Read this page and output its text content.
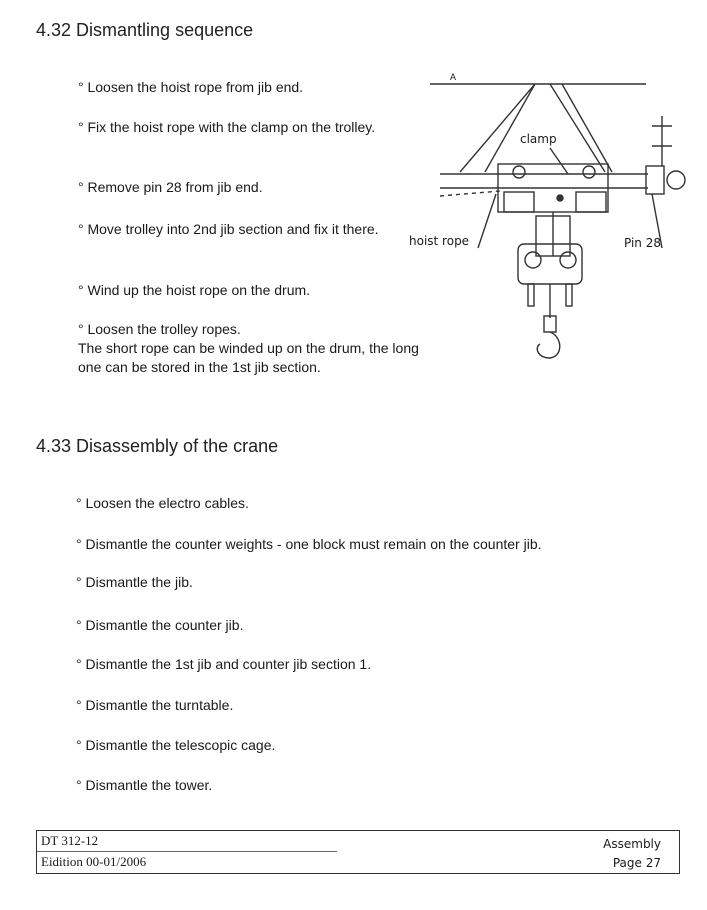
4.32 Dismantling sequence
° Loosen the hoist rope from jib end.
° Fix the hoist rope with the clamp on the trolley.
° Remove pin 28 from jib end.
° Move trolley into 2nd jib section and fix it there.
° Wind up the hoist rope on the drum.
° Loosen the trolley ropes.
The short rope can be winded up on the drum, the long one can be stored in the 1st jib section.
A
clamp
hoist rope	Pin 28
4.33 Disassembly of the crane
° Loosen the electro cables.
° Dismantle the counter weights - one block must remain on the counter jib.
° Dismantle the jib.
° Dismantle the counter jib.
° Dismantle the 1st jib and counter jib section 1.
° Dismantle the turntable.
° Dismantle the telescopic cage.
° Dismantle the tower.
DT 312-12
Eidition 00-01/2006
Assembly
Page 27
